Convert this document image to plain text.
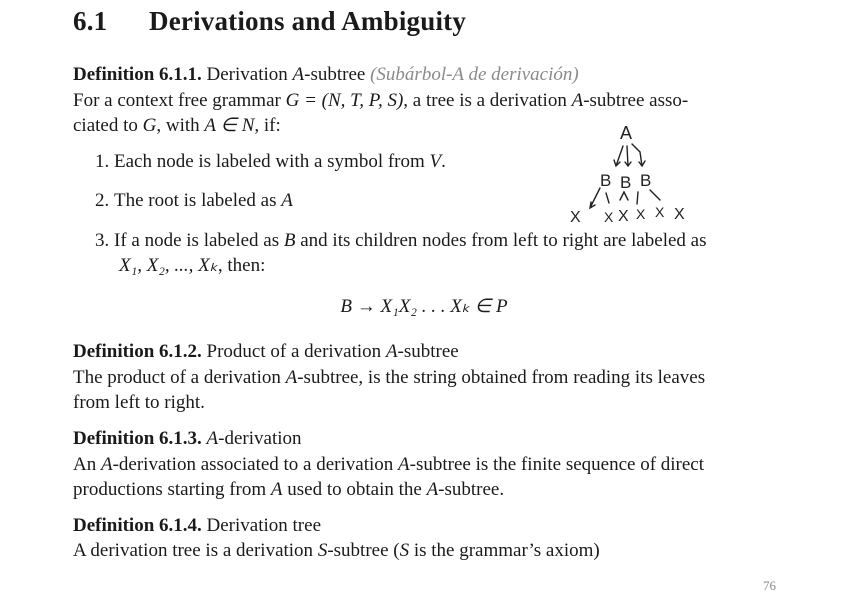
6.1 Derivations and Ambiguity
Definition 6.1.1. Derivation A-subtree (Subárbol-A de derivación)
For a context free grammar G = (N, T, P, S), a tree is a derivation A-subtree asso-
ciated to G, with A ∈ N, if:
1. Each node is labeled with a symbol from V.
2. The root is labeled as A
3. If a node is labeled as B and its children nodes from left to right are labeled as
X₁, X₂, ..., Xₖ, then:
B → X₁X₂ . . . Xₖ ∈ P
A
B B B
X X X X X X
Definition 6.1.2. Product of a derivation A-subtree
The product of a derivation A-subtree, is the string obtained from reading its leaves
from left to right.
Definition 6.1.3. A-derivation
An A-derivation associated to a derivation A-subtree is the finite sequence of direct
productions starting from A used to obtain the A-subtree.
Definition 6.1.4. Derivation tree
A derivation tree is a derivation S-subtree (S is the grammar’s axiom)
76
